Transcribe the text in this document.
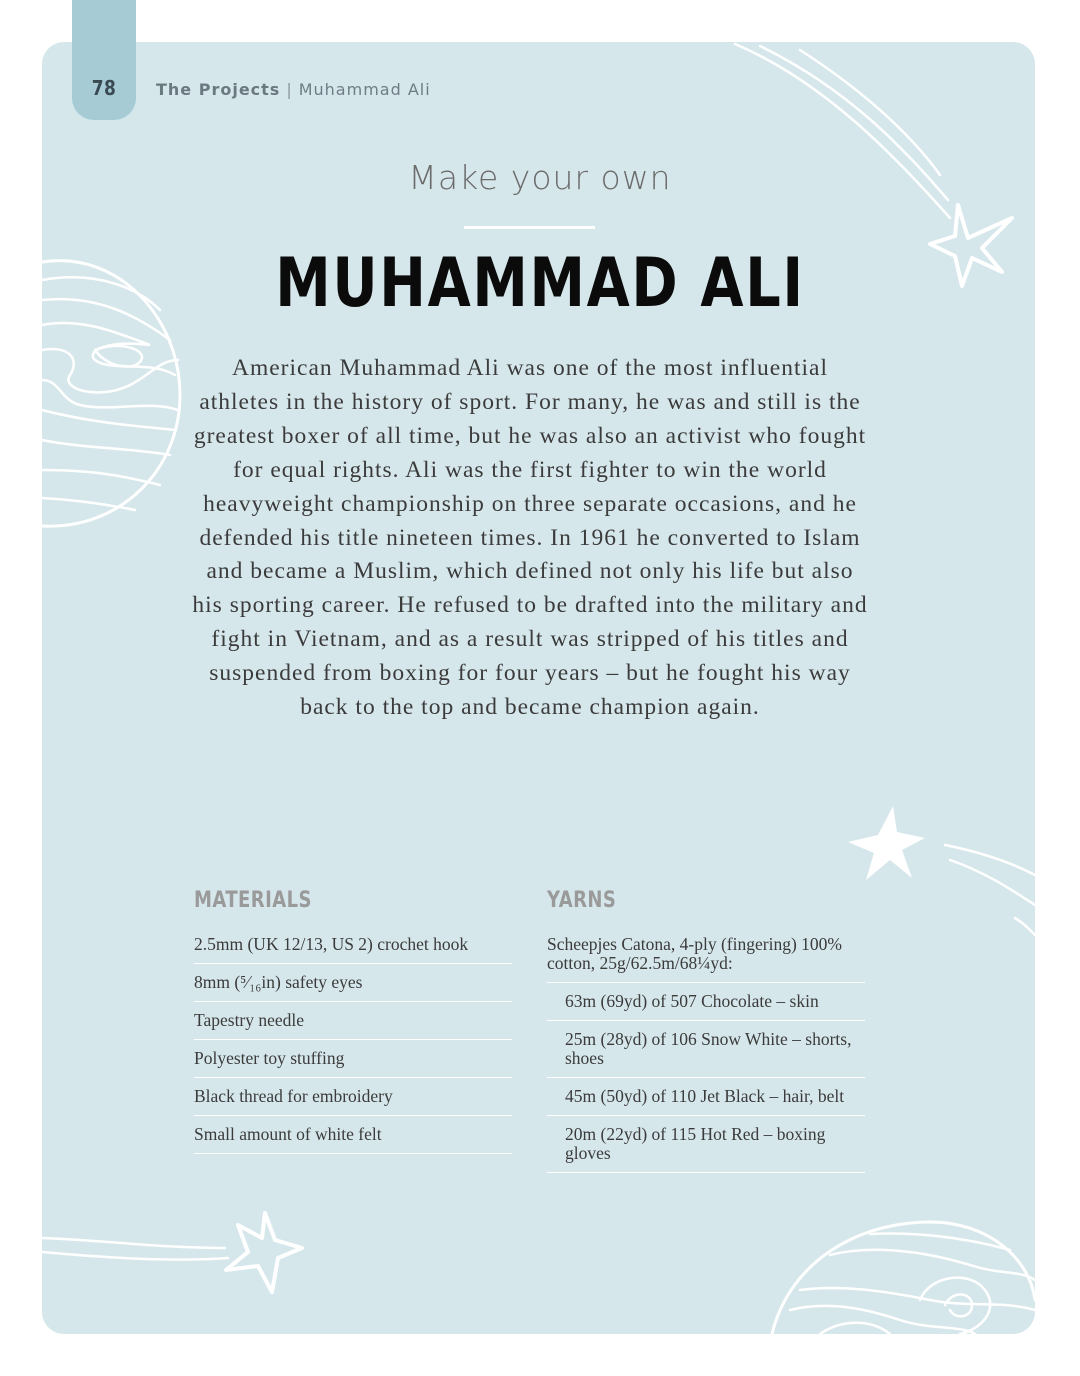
78	The Projects | Muhammad Ali
Make your own
MUHAMMAD ALI

American Muhammad Ali was one of the most influential athletes in the history of sport. For many, he was and still is the greatest boxer of all time, but he was also an activist who fought for equal rights. Ali was the first fighter to win the world heavyweight championship on three separate occasions, and he defended his title nineteen times. In 1961 he converted to Islam and became a Muslim, which defined not only his life but also his sporting career. He refused to be drafted into the military and fight in Vietnam, and as a result was stripped of his titles and suspended from boxing for four years – but he fought his way back to the top and became champion again.

MATERIALS
2.5mm (UK 12/13, US 2) crochet hook
8mm (⁵⁄₁₆in) safety eyes
Tapestry needle
Polyester toy stuffing
Black thread for embroidery
Small amount of white felt
YARNS
Scheepjes Catona, 4-ply (fingering) 100% cotton, 25g/62.5m/68¼yd:
63m (69yd) of 507 Chocolate – skin
25m (28yd) of 106 Snow White – shorts, shoes
45m (50yd) of 110 Jet Black – hair, belt
20m (22yd) of 115 Hot Red – boxing gloves
